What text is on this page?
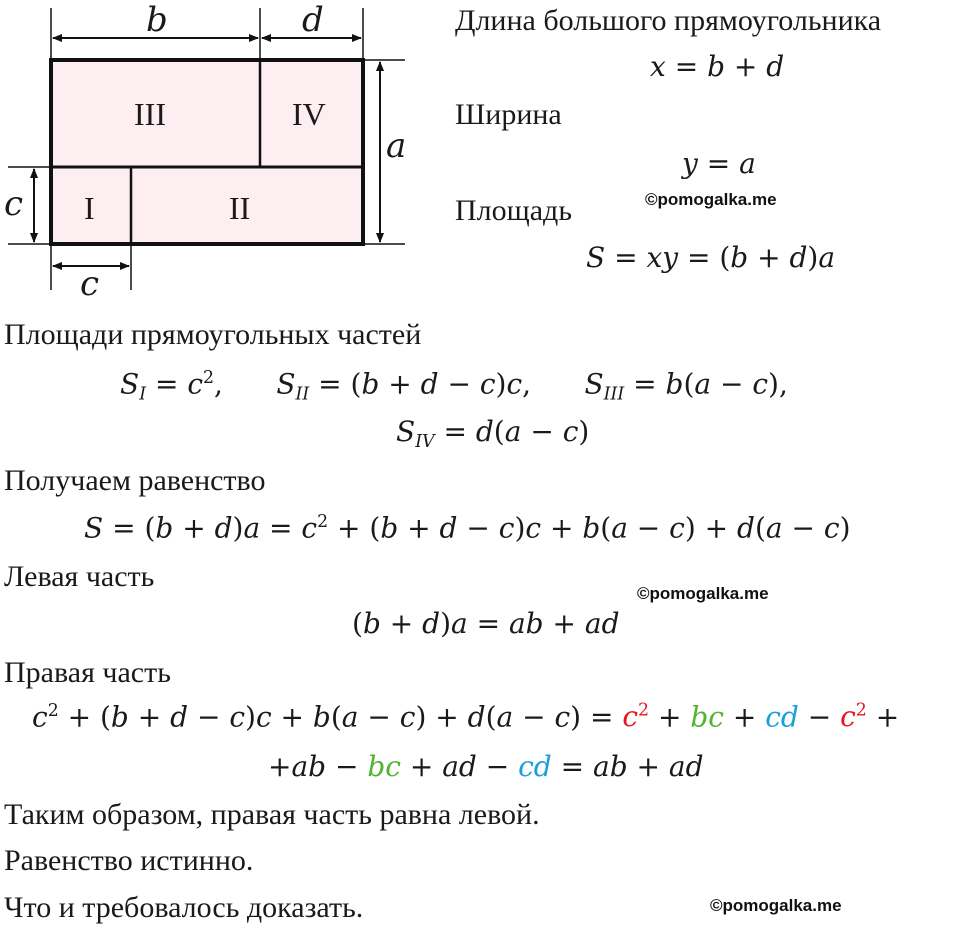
b	d
a
c
c
III	IV
I	II
Длина большого прямоугольника
x = b + d
Ширина
y = a
©pomogalka.me
Площадь
S = xy = (b + d)a
Площади прямоугольных частей
$S_I = c^2$,      $S_{II} = (b + d - c)c$,      $S_{III} = b(a - c)$,
$S_{IV} = d(a - c)$
Получаем равенство
$S = (b + d)a = c^2 + (b + d - c)c + b(a - c) + d(a - c)$
Левая часть
©pomogalka.me
(b + d)a = ab + ad
Правая часть
$c^2 + (b + d - c)c + b(a - c) + d(a - c) = c^2$ + bc + cd − $c^2$ +
+ab − bc + ad − cd = ab + ad
Таким образом, правая часть равна левой.
Равенство истинно.
Что и требовалось доказать.	©pomogalka.me
